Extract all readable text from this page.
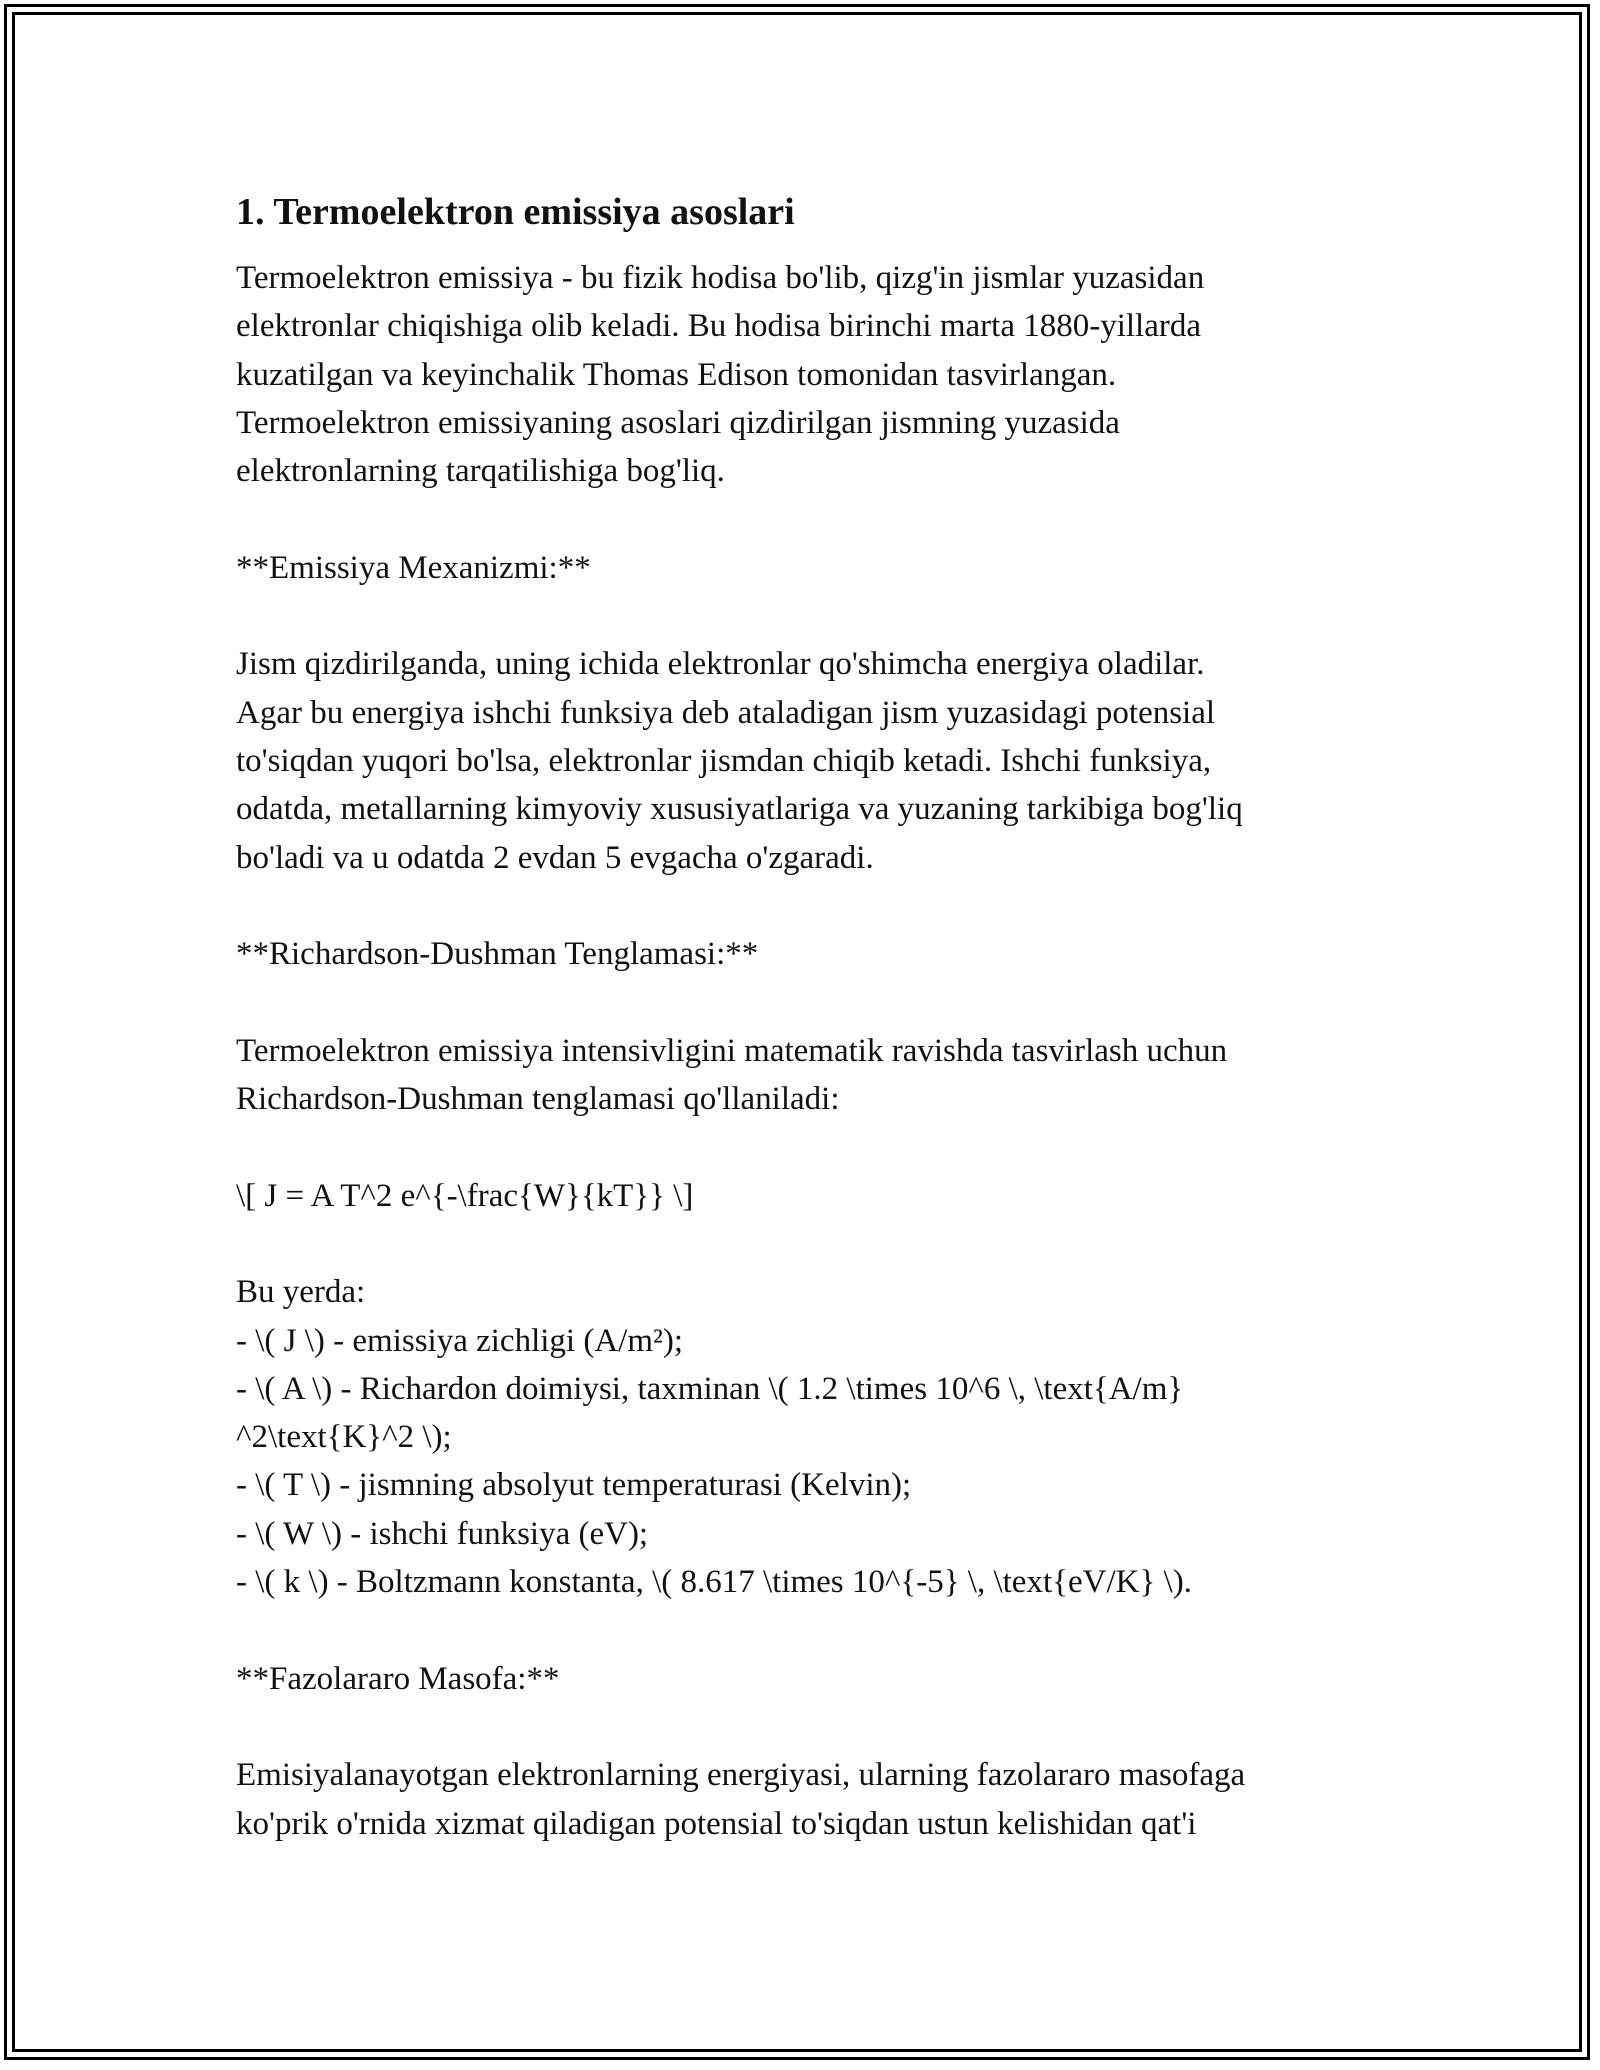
1. Termoelektron emissiya asoslari
Termoelektron emissiya - bu fizik hodisa bo'lib, qizg'in jismlar yuzasidan
elektronlar chiqishiga olib keladi. Bu hodisa birinchi marta 1880-yillarda
kuzatilgan va keyinchalik Thomas Edison tomonidan tasvirlangan.
Termoelektron emissiyaning asoslari qizdirilgan jismning yuzasida
elektronlarning tarqatilishiga bog'liq.
**Emissiya Mexanizmi:**
Jism qizdirilganda, uning ichida elektronlar qo'shimcha energiya oladilar.
Agar bu energiya ishchi funksiya deb ataladigan jism yuzasidagi potensial
to'siqdan yuqori bo'lsa, elektronlar jismdan chiqib ketadi. Ishchi funksiya,
odatda, metallarning kimyoviy xususiyatlariga va yuzaning tarkibiga bog'liq
bo'ladi va u odatda 2 evdan 5 evgacha o'zgaradi.
**Richardson-Dushman Tenglamasi:**
Termoelektron emissiya intensivligini matematik ravishda tasvirlash uchun
Richardson-Dushman tenglamasi qo'llaniladi:
\[ J = A T^2 e^{-\frac{W}{kT}} \]
Bu yerda:
- \( J \) - emissiya zichligi (A/m²);
- \( A \) - Richardon doimiysi, taxminan \( 1.2 \times 10^6 \, \text{A/m}
^2\text{K}^2 \);
- \( T \) - jismning absolyut temperaturasi (Kelvin);
- \( W \) - ishchi funksiya (eV);
- \( k \) - Boltzmann konstanta, \( 8.617 \times 10^{-5} \, \text{eV/K} \).
**Fazolararo Masofa:**
Emisiyalanayotgan elektronlarning energiyasi, ularning fazolararo masofaga
ko'prik o'rnida xizmat qiladigan potensial to'siqdan ustun kelishidan qat'i
